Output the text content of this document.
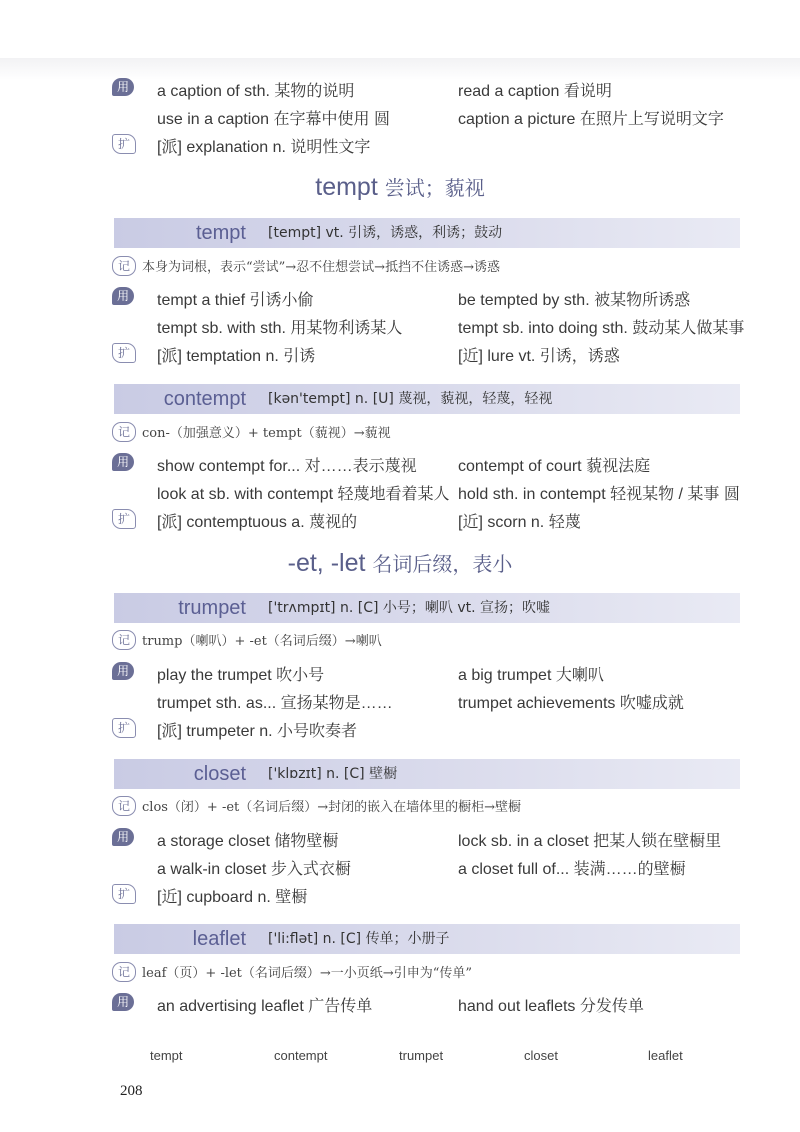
用	a caption of sth. 某物的说明	read a caption 看说明
use in a caption 在字幕中使用 圆	caption a picture 在照片上写说明文字
扩	[派] explanation n. 说明性文字
tempt 尝试；藐视
tempt [tempt] vt. 引诱，诱惑，利诱；鼓动
记 本身为词根，表示“尝试”→忍不住想尝试→抵挡不住诱惑→诱惑
用	tempt a thief 引诱小偷	be tempted by sth. 被某物所诱惑
tempt sb. with sth. 用某物利诱某人	tempt sb. into doing sth. 鼓动某人做某事
扩	[派] temptation n. 引诱	[近] lure vt. 引诱，诱惑
contempt [kən'tempt] n. [U] 蔑视，藐视，轻蔑，轻视
记 con-（加强意义）+ tempt（藐视）→藐视
用	show contempt for... 对……表示蔑视	contempt of court 藐视法庭
look at sb. with contempt 轻蔑地看着某人 hold sth. in contempt 轻视某物 / 某事 圆
扩	[派] contemptuous a. 蔑视的	[近] scorn n. 轻蔑
-et, -let 名词后缀，表小
trumpet ['trʌmpɪt] n. [C] 小号；喇叭 vt. 宣扬；吹嘘
记 trump（喇叭）+ -et（名词后缀）→喇叭
用	play the trumpet 吹小号	a big trumpet 大喇叭
trumpet sth. as... 宣扬某物是……	trumpet achievements 吹嘘成就
扩	[派] trumpeter n. 小号吹奏者
closet ['klɒzɪt] n. [C] 壁橱
记 clos（闭）+ -et（名词后缀）→封闭的嵌入在墙体里的橱柜→壁橱
用	a storage closet 储物壁橱	lock sb. in a closet 把某人锁在壁橱里
a walk-in closet 步入式衣橱	a closet full of... 装满……的壁橱
扩	[近] cupboard n. 壁橱
leaflet ['li:flət] n. [C] 传单；小册子
记 leaf（页）+ -let（名词后缀）→一小页纸→引申为“传单”
用	an advertising leaflet 广告传单	hand out leaflets 分发传单
tempt	contempt	trumpet	closet	leaflet
208
